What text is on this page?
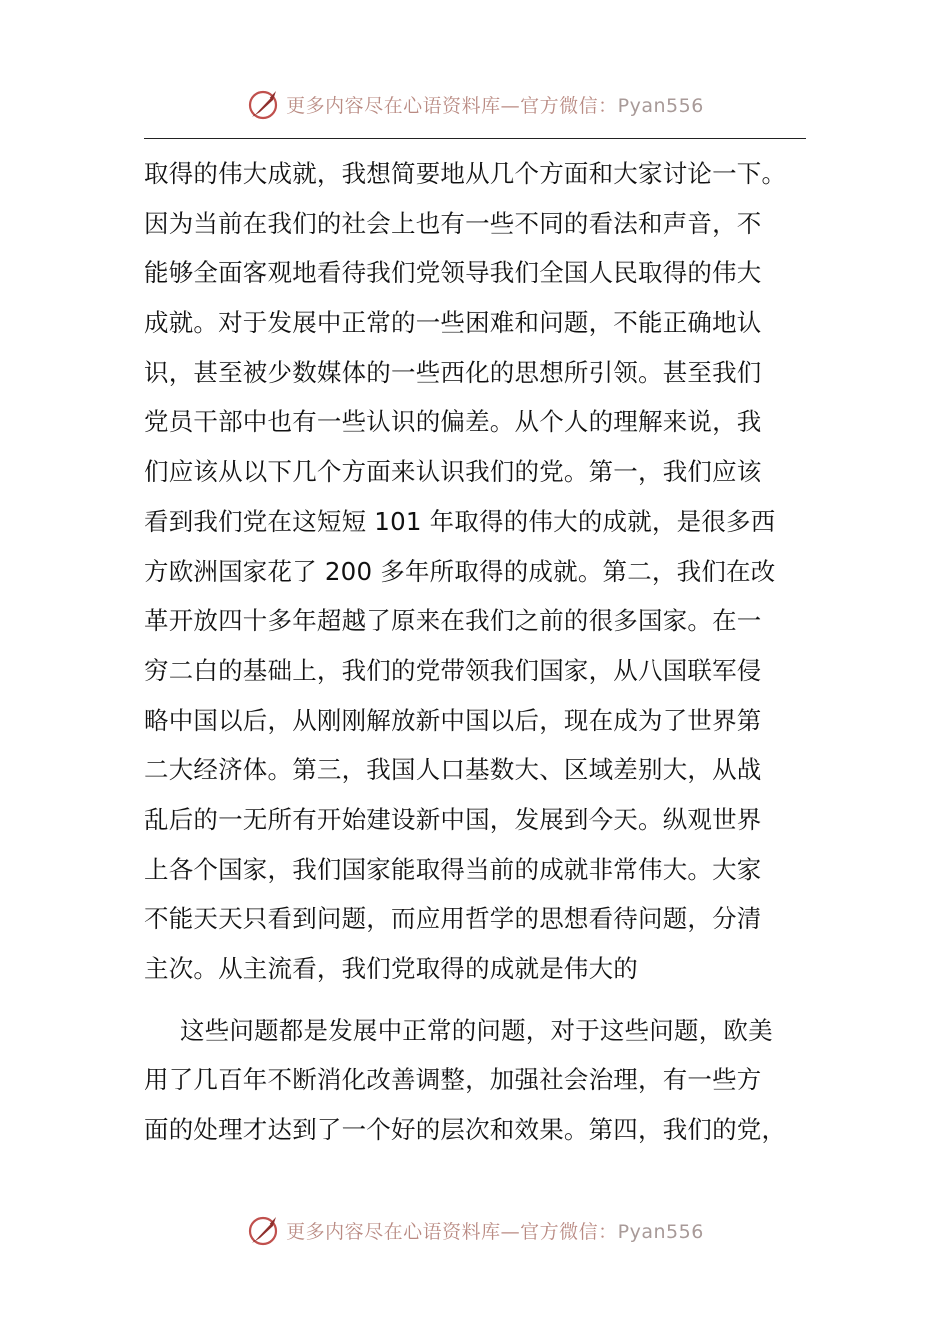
更多内容尽在心语资料库—官方微信：Pyan556
取得的伟大成就，我想简要地从几个方面和大家讨论一下。
因为当前在我们的社会上也有一些不同的看法和声音，不
能够全面客观地看待我们党领导我们全国人民取得的伟大
成就。对于发展中正常的一些困难和问题，不能正确地认
识，甚至被少数媒体的一些西化的思想所引领。甚至我们
党员干部中也有一些认识的偏差。从个人的理解来说，我
们应该从以下几个方面来认识我们的党。第一，我们应该
看到我们党在这短短 101 年取得的伟大的成就，是很多西
方欧洲国家花了 200 多年所取得的成就。第二，我们在改
革开放四十多年超越了原来在我们之前的很多国家。在一
穷二白的基础上，我们的党带领我们国家，从八国联军侵
略中国以后，从刚刚解放新中国以后，现在成为了世界第
二大经济体。第三，我国人口基数大、区域差别大，从战
乱后的一无所有开始建设新中国，发展到今天。纵观世界
上各个国家，我们国家能取得当前的成就非常伟大。大家
不能天天只看到问题，而应用哲学的思想看待问题，分清
主次。从主流看，我们党取得的成就是伟大的
这些问题都是发展中正常的问题，对于这些问题，欧美
用了几百年不断消化改善调整，加强社会治理，有一些方
面的处理才达到了一个好的层次和效果。第四，我们的党，
更多内容尽在心语资料库—官方微信：Pyan556
